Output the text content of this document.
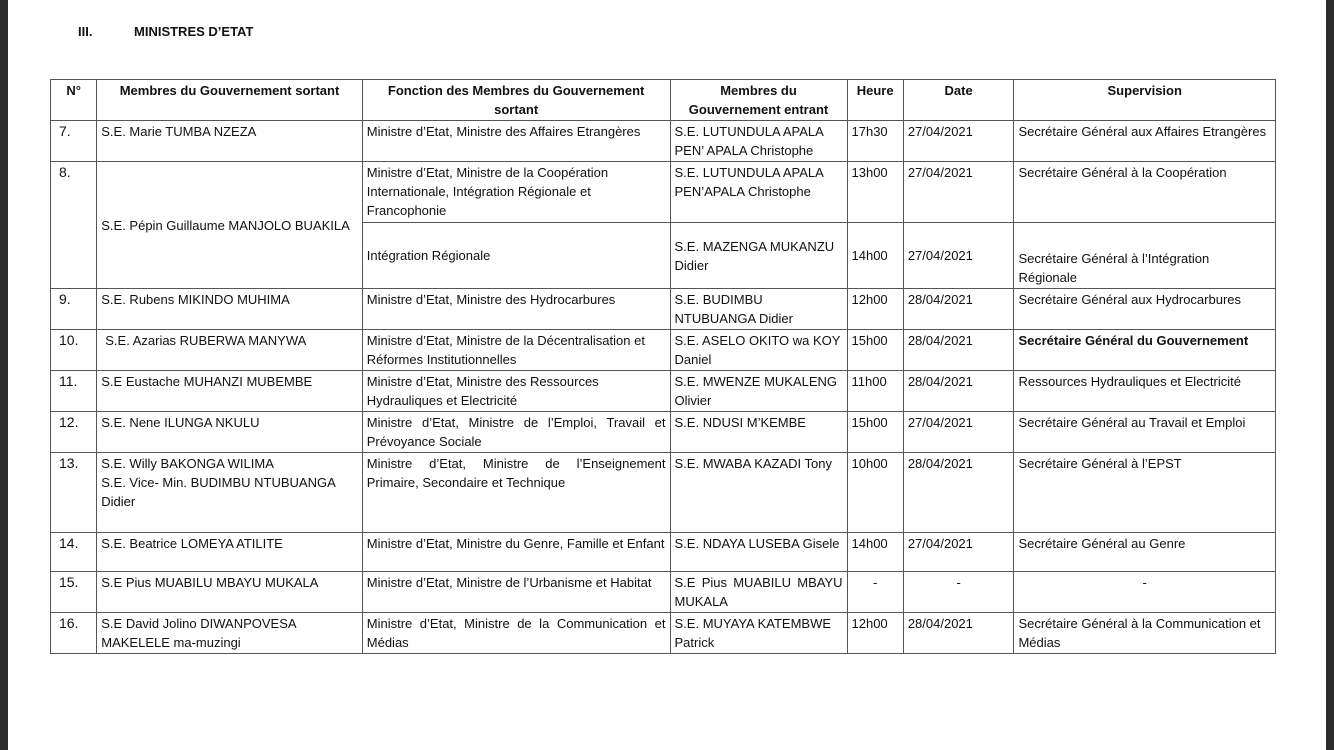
III.	MINISTRES D’ETAT
N°	Membres du Gouvernement sortant	Fonction des Membres du Gouvernement sortant	Membres du Gouvernement entrant	Heure	Date	Supervision
7.	S.E. Marie TUMBA NZEZA	Ministre d’Etat, Ministre des Affaires Etrangères	S.E. LUTUNDULA APALA PEN’ APALA Christophe	17h30	27/04/2021	Secrétaire Général aux Affaires Etrangères
8.	S.E. Pépin Guillaume MANJOLO BUAKILA	Ministre d’Etat, Ministre de la Coopération Internationale, Intégration Régionale et Francophonie	S.E. LUTUNDULA APALA PEN’APALA Christophe	13h00	27/04/2021	Secrétaire Général à la Coopération
		Intégration Régionale	S.E. MAZENGA MUKANZU Didier	14h00	27/04/2021	Secrétaire Général à l’Intégration Régionale
9.	S.E. Rubens MIKINDO MUHIMA	Ministre d’Etat, Ministre des Hydrocarbures	S.E. BUDIMBU NTUBUANGA Didier	12h00	28/04/2021	Secrétaire Général aux Hydrocarbures
10.	S.E. Azarias RUBERWA MANYWA	Ministre d’Etat, Ministre de la Décentralisation et Réformes Institutionnelles	S.E. ASELO OKITO wa KOY Daniel	15h00	28/04/2021	Secrétaire Général du Gouvernement
11.	S.E Eustache MUHANZI MUBEMBE	Ministre d’Etat, Ministre des Ressources Hydrauliques et Electricité	S.E. MWENZE MUKALENG Olivier	11h00	28/04/2021	Ressources Hydrauliques et Electricité
12.	S.E. Nene ILUNGA NKULU	Ministre d’Etat, Ministre de l’Emploi, Travail et Prévoyance Sociale	S.E. NDUSI M’KEMBE	15h00	27/04/2021	Secrétaire Général au Travail et Emploi
13.	S.E. Willy BAKONGA WILIMA
S.E. Vice- Min. BUDIMBU NTUBUANGA Didier	Ministre d’Etat, Ministre de l’Enseignement Primaire, Secondaire et Technique	S.E. MWABA KAZADI Tony	10h00	28/04/2021	Secrétaire Général à l’EPST
14.	S.E. Beatrice LOMEYA ATILITE	Ministre d’Etat, Ministre du Genre, Famille et Enfant	S.E. NDAYA LUSEBA Gisele	14h00	27/04/2021	Secrétaire Général au Genre
15.	S.E Pius MUABILU MBAYU MUKALA	Ministre d’Etat, Ministre de l’Urbanisme et Habitat	S.E Pius MUABILU MBAYU MUKALA	-	-	-
16.	S.E David Jolino DIWANPOVESA MAKELELE ma-muzingi	Ministre d’Etat, Ministre de la Communication et Médias	S.E. MUYAYA KATEMBWE Patrick	12h00	28/04/2021	Secrétaire Général à la Communication et Médias
